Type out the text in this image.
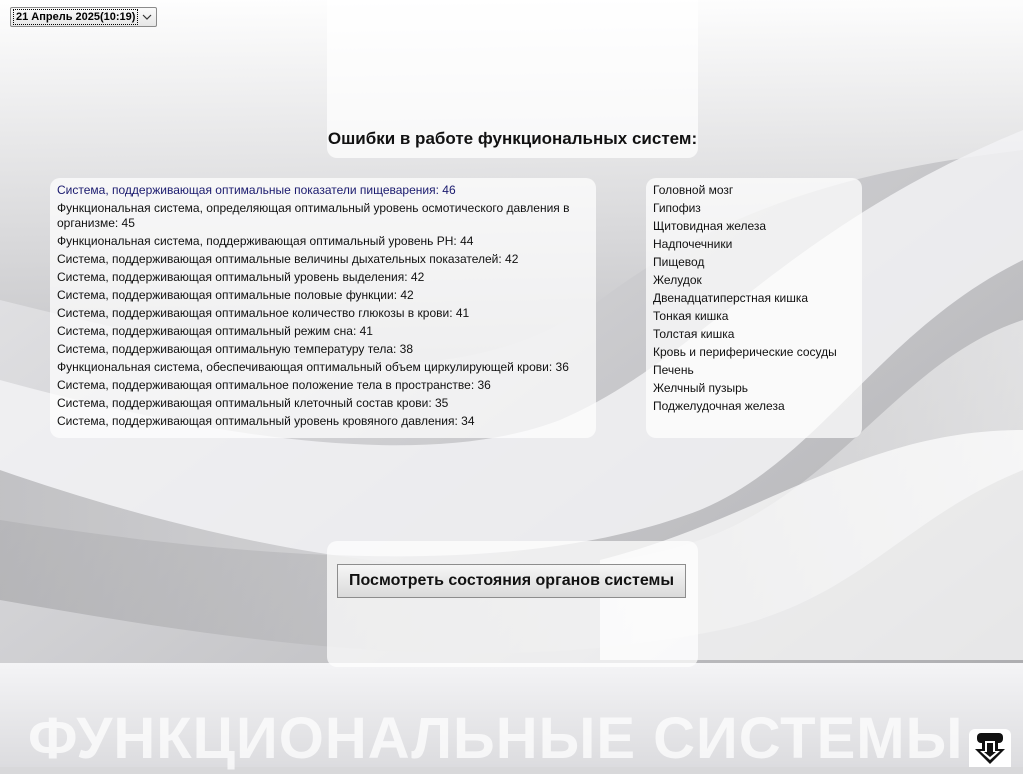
21 Апрель 2025(10:19)
Ошибки в работе функциональных систем:
Система, поддерживающая оптимальные показатели пищеварения: 46
Функциональная система, определяющая оптимальный уровень осмотического давления в организме: 45
Функциональная система, поддерживающая оптимальный уровень PH: 44
Система, поддерживающая оптимальные величины дыхательных показателей: 42
Система, поддерживающая оптимальный уровень выделения: 42
Система, поддерживающая оптимальные половые функции: 42
Система, поддерживающая оптимальное количество глюкозы в крови: 41
Система, поддерживающая оптимальный режим сна: 41
Система, поддерживающая оптимальную температуру тела: 38
Функциональная система, обеспечивающая оптимальный объем циркулирующей крови: 36
Система, поддерживающая оптимальное положение тела в пространстве: 36
Система, поддерживающая оптимальный клеточный состав крови: 35
Система, поддерживающая оптимальный уровень кровяного давления: 34
Головной мозг
Гипофиз
Щитовидная железа
Надпочечники
Пищевод
Желудок
Двенадцатиперстная кишка
Тонкая кишка
Толстая кишка
Кровь и периферические сосуды
Печень
Желчный пузырь
Поджелудочная железа
Посмотреть состояния органов системы
ФУНКЦИОНАЛЬНЫЕ СИСТЕМЫ
